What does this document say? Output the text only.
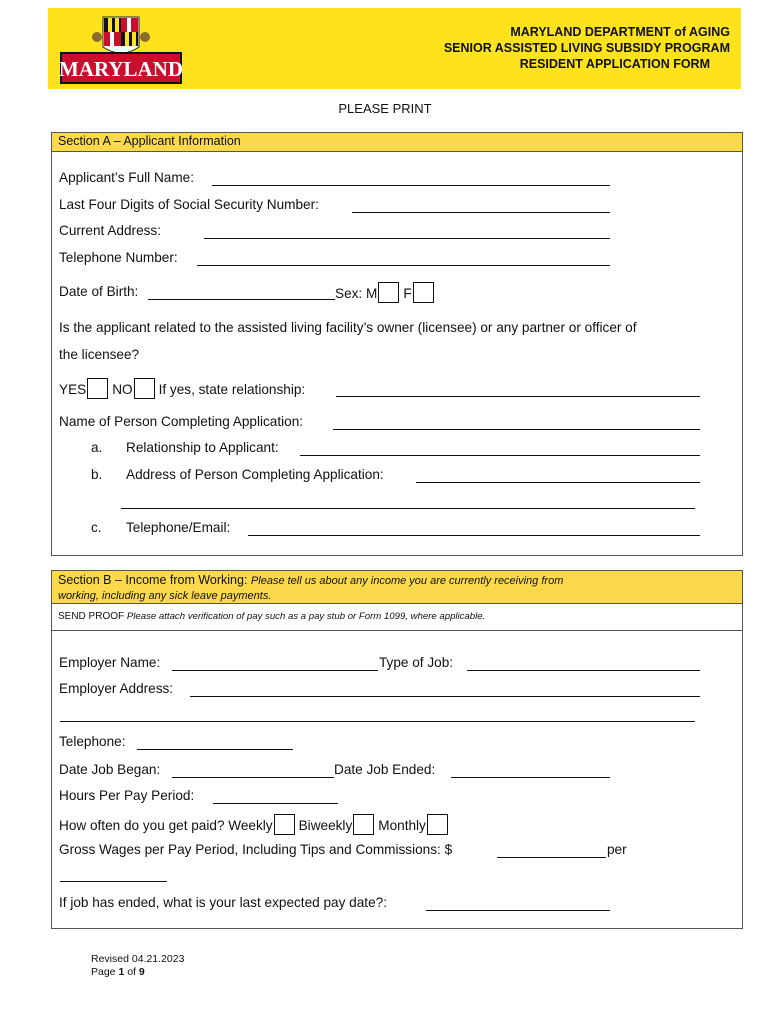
MARYLAND
MARYLAND DEPARTMENT of AGING
SENIOR ASSISTED LIVING SUBSIDY PROGRAM
RESIDENT APPLICATION FORM
PLEASE PRINT
Section A – Applicant Information
Applicant’s Full Name:
Last Four Digits of Social Security Number:
Current Address:
Telephone Number:
Date of Birth:	Sex: M F
Is the applicant related to the assisted living facility’s owner (licensee) or any partner or officer of
the licensee?
YES NO If yes, state relationship:
Name of Person Completing Application:
a. Relationship to Applicant:
b. Address of Person Completing Application:
c. Telephone/Email:
Section B – Income from Working: Please tell us about any income you are currently receiving from
working, including any sick leave payments.
SEND PROOF Please attach verification of pay such as a pay stub or Form 1099, where applicable.
Employer Name:	Type of Job:
Employer Address:
Telephone:
Date Job Began:	Date Job Ended:
Hours Per Pay Period:
How often do you get paid? Weekly Biweekly Monthly
Gross Wages per Pay Period, Including Tips and Commissions: $	per
If job has ended, what is your last expected pay date?:
Revised 04.21.2023
Page 1 of 9
